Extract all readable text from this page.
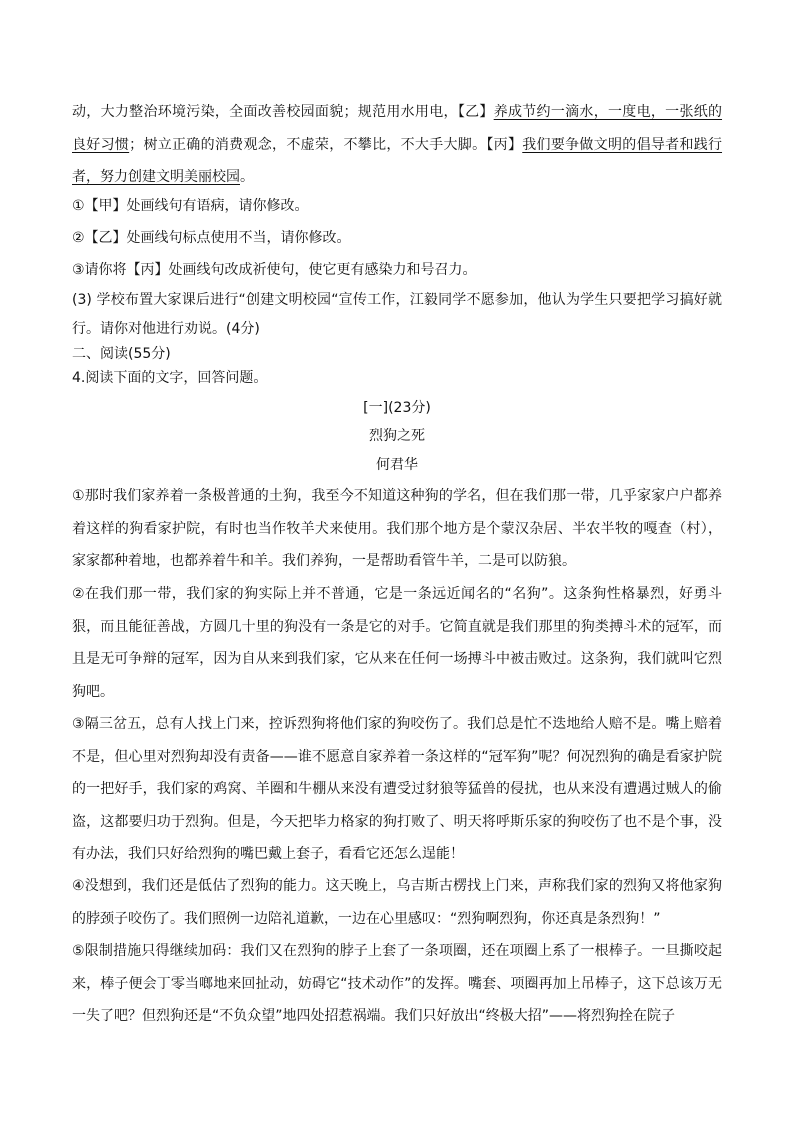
动，大力整治环境污染，全面改善校园面貌；规范用水用电，【乙】养成节约一滴水，一度电，一张纸的良好习惯；树立正确的消费观念，不虚荣，不攀比，不大手大脚。【丙】我们要争做文明的倡导者和践行者，努力创建文明美丽校园。
①【甲】处画线句有语病，请你修改。
②【乙】处画线句标点使用不当，请你修改。
③请你将【丙】处画线句改成祈使句，使它更有感染力和号召力。
(3) 学校布置大家课后进行“创建文明校园“宣传工作，江毅同学不愿参加，他认为学生只要把学习搞好就行。请你对他进行劝说。(4分)
二、阅读(55分)
4.阅读下面的文字，回答问题。
[一](23分)
烈狗之死
何君华
①那时我们家养着一条极普通的土狗，我至今不知道这种狗的学名，但在我们那一带，几乎家家户户都养着这样的狗看家护院，有时也当作牧羊犬来使用。我们那个地方是个蒙汉杂居、半农半牧的嘎查（村），家家都种着地，也都养着牛和羊。我们养狗，一是帮助看管牛羊，二是可以防狼。
②在我们那一带，我们家的狗实际上并不普通，它是一条远近闻名的“名狗”。这条狗性格暴烈，好勇斗狠，而且能征善战，方圆几十里的狗没有一条是它的对手。它简直就是我们那里的狗类搏斗术的冠军，而且是无可争辩的冠军，因为自从来到我们家，它从来在任何一场搏斗中被击败过。这条狗，我们就叫它烈狗吧。
③隔三岔五，总有人找上门来，控诉烈狗将他们家的狗咬伤了。我们总是忙不迭地给人赔不是。嘴上赔着不是，但心里对烈狗却没有责备——谁不愿意自家养着一条这样的“冠军狗”呢？何况烈狗的确是看家护院的一把好手，我们家的鸡窝、羊圈和牛棚从来没有遭受过豺狼等猛兽的侵扰，也从来没有遭遇过贼人的偷盗，这都要归功于烈狗。但是，今天把毕力格家的狗打败了、明天将呼斯乐家的狗咬伤了也不是个事，没有办法，我们只好给烈狗的嘴巴戴上套子，看看它还怎么逞能！
④没想到，我们还是低估了烈狗的能力。这天晚上，乌吉斯古楞找上门来，声称我们家的烈狗又将他家狗的脖颈子咬伤了。我们照例一边陪礼道歉，一边在心里感叹：“烈狗啊烈狗，你还真是条烈狗！”
⑤限制措施只得继续加码：我们又在烈狗的脖子上套了一条项圈，还在项圈上系了一根棒子。一旦撕咬起来，棒子便会丁零当啷地来回扯动，妨碍它“技术动作”的发挥。嘴套、项圈再加上吊棒子，这下总该万无一失了吧？但烈狗还是“不负众望”地四处招惹祸端。我们只好放出“终极大招”——将烈狗拴在院子
